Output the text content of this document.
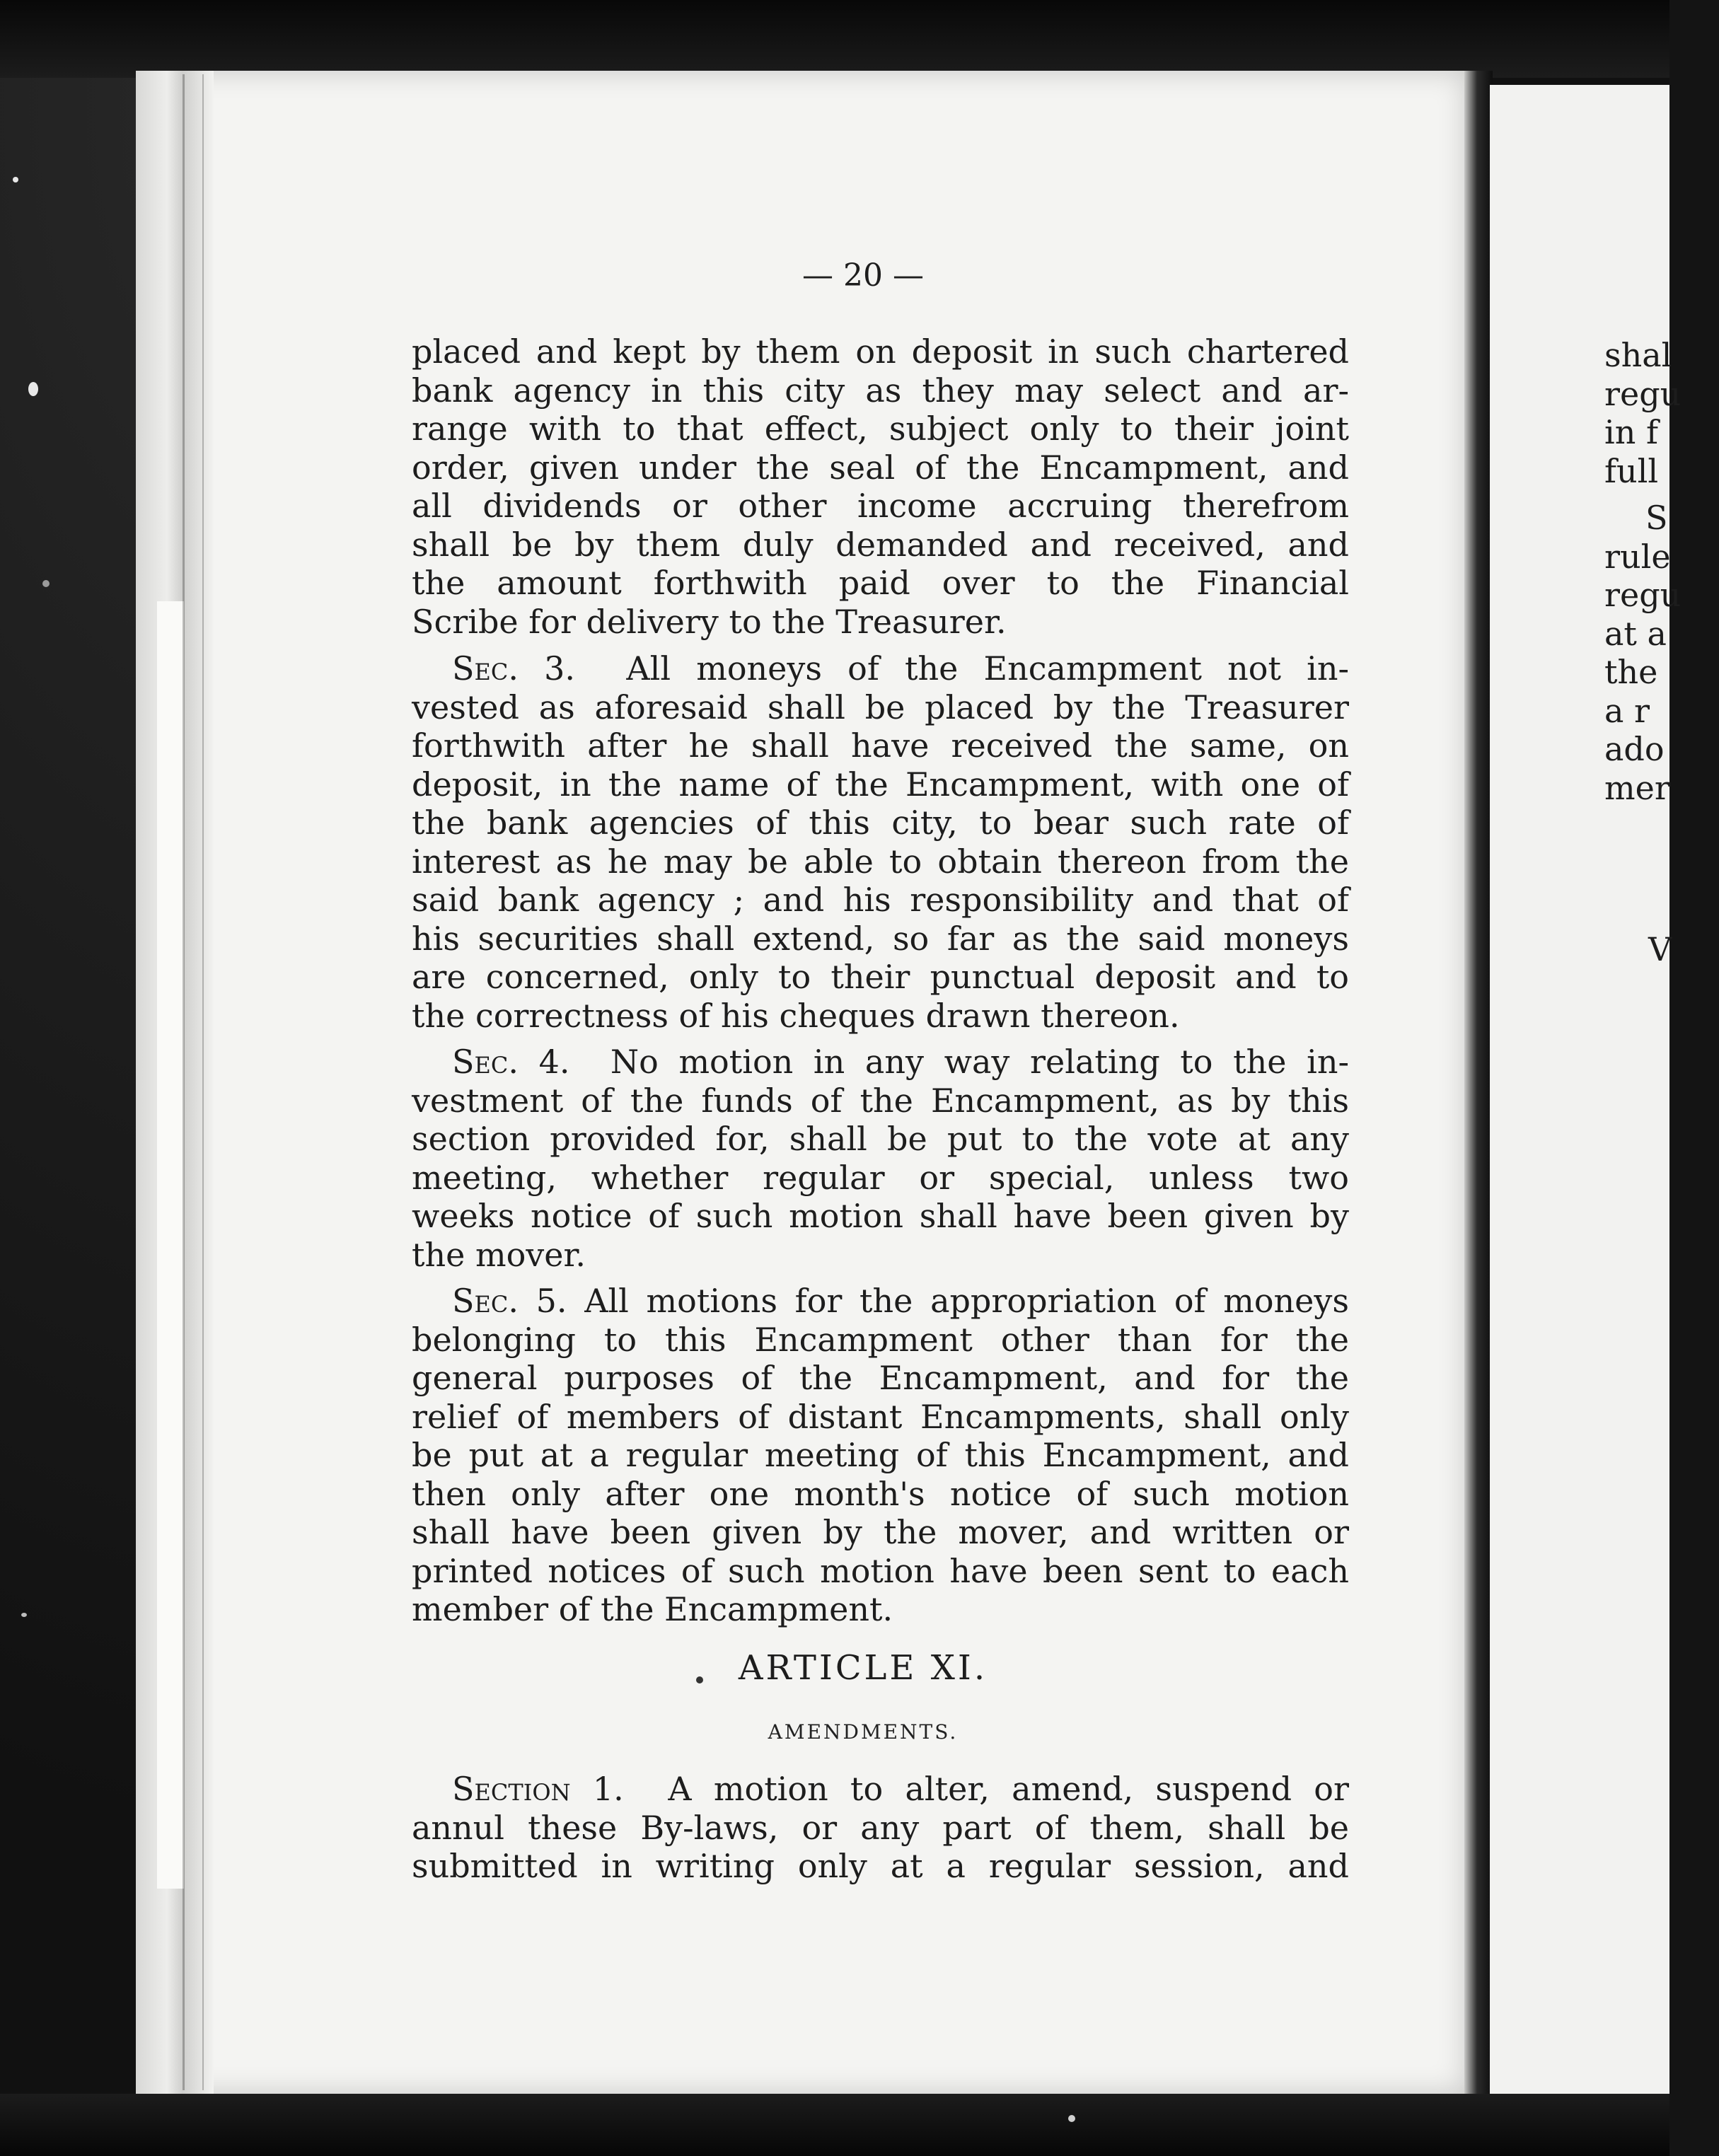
— 20 —
placed and kept by them on deposit in such chartered
bank agency in this city as they may select and ar-
range with to that effect, subject only to their joint
order, given under the seal of the Encampment, and
all dividends or other income accruing therefrom
shall be by them duly demanded and received, and
the amount forthwith paid over to the Financial
Scribe for delivery to the Treasurer.
Sec. 3. All moneys of the Encampment not in-
vested as aforesaid shall be placed by the Treasurer
forthwith after he shall have received the same, on
deposit, in the name of the Encampment, with one of
the bank agencies of this city, to bear such rate of
interest as he may be able to obtain thereon from the
said bank agency ; and his responsibility and that of
his securities shall extend, so far as the said moneys
are concerned, only to their punctual deposit and to
the correctness of his cheques drawn thereon.
Sec. 4. No motion in any way relating to the in-
vestment of the funds of the Encampment, as by this
section provided for, shall be put to the vote at any
meeting, whether regular or special, unless two
weeks notice of such motion shall have been given by
the mover.
Sec. 5. All motions for the appropriation of moneys
belonging to this Encampment other than for the
general purposes of the Encampment, and for the
relief of members of distant Encampments, shall only
be put at a regular meeting of this Encampment, and
then only after one month's notice of such motion
shall have been given by the mover, and written or
printed notices of such motion have been sent to each
member of the Encampment.
ARTICLE XI.
AMENDMENTS.
Section 1. A motion to alter, amend, suspend or
annul these By-laws, or any part of them, shall be
submitted in writing only at a regular session, and
shal
regu
in f
full
S
rule
regu
at a
the
a r
ado
mer
V
